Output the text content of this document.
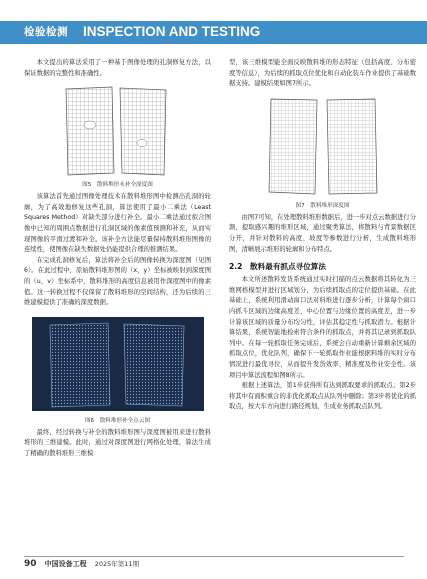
检验检测 INSPECTION AND TESTING

本文提出的算法采用了一种基于图像处理的孔洞修复方法，以保证数据的完整性和准确性。

图5　散料堆形未补全深度图

该算法首先通过图像处理技术在散料堆形图中检测出孔洞的轮廓，为了高效地修复这些孔洞，算法使用了最小二乘法（Least Squares Method）对缺失部分进行补全。最小二乘法通过拟合图像中已知的周围点数据进行孔洞区域的像素值预测和补充，从而实现图像的平滑过渡和补全。该补全方法能尽量保持散料堆形图像的连续性，使图像在缺失数据处仍能提供合理的推测结果。

在完成孔洞修复后，算法将补全后的图像转换为深度图（见图6）。在此过程中，原始散料堆形图的（x，y）坐标被映射到深度图的（u，v）坐标系中，散料堆形的高度信息被用作深度图中的像素值。这一转换过程不仅保留了散料堆形的空间结构，还为后续的三维建模提供了准确的深度数据。

图6　散料堆形补全点云图

最终，经过转换与补全的散料堆形图与深度图被用来进行散料堆形的三维建模。此时，通过对深度图进行网格化处理，算法生成了精确的散料堆形三维模

型，该三维模型能全面反映散料堆的形态特征（包括高度、分布密度等信息），为后续的抓取点位优化和自动化装车作业提供了基础数据支持。建模结果如图7所示。

图7　散料堆形深度图

由图7可知，在处理散料堆形数据后，进一步对点云数据进行分割，提取感兴趣的堆形区域，通过聚类算法，将散料与背景数据区分开，并针对散料的高度、坡度等参数进行分析，生成散料堆形图，清晰展示堆形的轮廓和分布特点。

2.2　散料最有抓点寻位算法

本文所述散料发货系统通过实时扫描的点云数据将其转化为三维网格模型并进行区域划分，为后续抓取点的定位提供基础。在此基础上，系统利用滑动窗口法对料堆进行逐步分析，计算每个窗口内抓斗区域的边缘高度差、中心位置与边缘位置的高度差，进一步计算该区域的质量分布均匀性，评估其稳定性与抓取潜力。根据计算结果，系统智能地检索符合条件的抓取点，并将其记录到抓取队列中。在每一轮抓取任务完成后，系统会自动重新计算剩余区域的抓取点位，优化队列，确保下一轮抓取作业能根据料堆的实时分布情况进行最优寻位，从而提升发货效率、精准度及作业安全性。该项目中算法流程如图8所示。

根据上述算法，第1步获得所有达到抓取要求的抓取点；第2步将其中有面积重合的非优化抓取点从队列中删除；第3步将优化的抓取点，按大车方向进行路径规划，生成业务抓取点队列。

90 中国设备工程 2025年第11期
